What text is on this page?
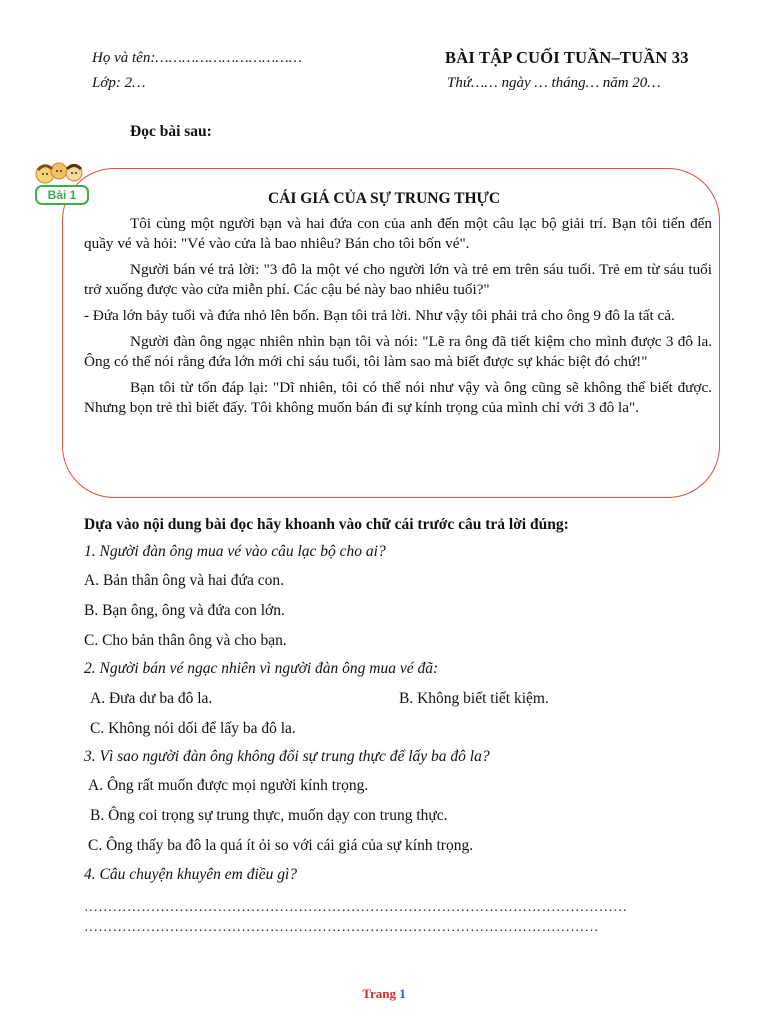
Họ và tên:……………………………
Lớp: 2…
BÀI TẬP CUỐI TUẦN–TUẦN 33
Thứ…… ngày … tháng… năm 20…
Đọc bài sau:
Bài 1	CÁI GIÁ CỦA SỰ TRUNG THỰC

Tôi cùng một người bạn và hai đứa con của anh đến một câu lạc bộ giải trí. Bạn tôi tiến đến quầy vé và hỏi: "Vé vào cửa là bao nhiêu? Bán cho tôi bốn vé".

Người bán vé trả lời: "3 đô la một vé cho người lớn và trẻ em trên sáu tuổi. Trẻ em từ sáu tuổi trở xuống được vào cửa miễn phí. Các cậu bé này bao nhiêu tuổi?"

- Đứa lớn bảy tuổi và đứa nhỏ lên bốn. Bạn tôi trả lời. Như vậy tôi phải trả cho ông 9 đô la tất cả.

Người đàn ông ngạc nhiên nhìn bạn tôi và nói: "Lẽ ra ông đã tiết kiệm cho mình được 3 đô la. Ông có thể nói rằng đứa lớn mới chỉ sáu tuổi, tôi làm sao mà biết được sự khác biệt đó chứ!"

Bạn tôi từ tốn đáp lại: "Dĩ nhiên, tôi có thể nói như vậy và ông cũng sẽ không thể biết được. Nhưng bọn trẻ thì biết đấy. Tôi không muốn bán đi sự kính trọng của mình chỉ với 3 đô la".

Dựa vào nội dung bài đọc hãy khoanh vào chữ cái trước câu trả lời đúng:
1. Người đàn ông mua vé vào câu lạc bộ cho ai?
A. Bản thân ông và hai đứa con.
B. Bạn ông, ông và đứa con lớn.
C. Cho bản thân ông và cho bạn.
2. Người bán vé ngạc nhiên vì người đàn ông mua vé đã:
A. Đưa dư ba đô la.	B. Không biết tiết kiệm.
C. Không nói dối để lấy ba đô la.
3. Vì sao người đàn ông không đổi sự trung thực để lấy ba đô la?
A. Ông rất muốn được mọi người kính trọng.
B. Ông coi trọng sự trung thực, muốn dạy con trung thực.
C. Ông thấy ba đô la quá ít ỏi so với cái giá của sự kính trọng.
4. Câu chuyện khuyên em điều gì?
……………………………………………………………………………………………………
………………………………………………………………………………………………
Trang 1
